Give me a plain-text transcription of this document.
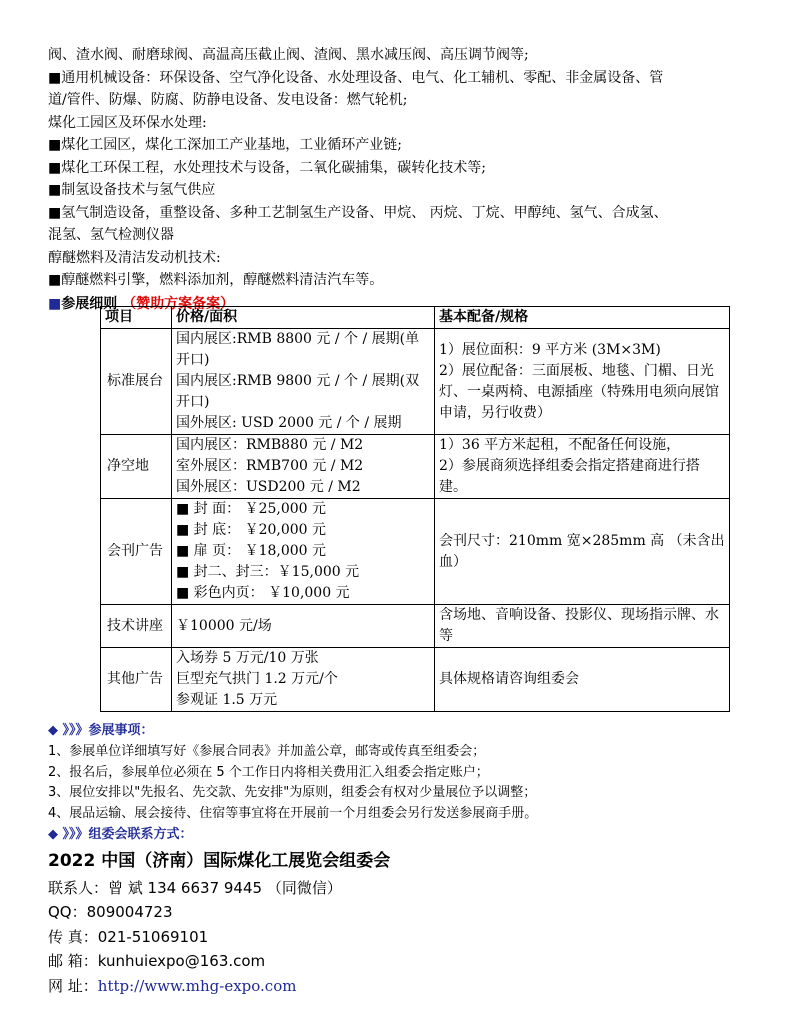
阀、渣水阀、耐磨球阀、高温高压截止阀、渣阀、黑水减压阀、高压调节阀等;
■通用机械设备：环保设备、空气净化设备、水处理设备、电气、化工辅机、零配、非金属设备、管
道/管件、防爆、防腐、防静电设备、发电设备：燃气轮机;
煤化工园区及环保水处理:
■煤化工园区，煤化工深加工产业基地，工业循环产业链;
■煤化工环保工程，水处理技术与设备，二氧化碳捕集，碳转化技术等;
■制氢设备技术与氢气供应
■氢气制造设备，重整设备、多种工艺制氢生产设备、甲烷、 丙烷、丁烷、甲醇纯、氢气、合成氢、
混氢、氢气检测仪器
醇醚燃料及清洁发动机技术:
■醇醚燃料引擎，燃料添加剂，醇醚燃料清洁汽车等。
■参展细则 （赞助方案备案）
项目	价格/面积	基本配备/规格
标准展台	国内展区:RMB 8800 元 / 个 / 展期(单开口)
国内展区:RMB 9800 元 / 个 / 展期(双开口)
国外展区: USD 2000 元 / 个 / 展期	1）展位面积：9 平方米 (3M×3M)
2）展位配备：三面展板、地毯、门楣、日光灯、一桌两椅、电源插座（特殊用电须向展馆申请，另行收费）

净空地	国内展区：RMB880 元 / M2
室外展区：RMB700 元 / M2
国外展区：USD200 元 / M2	1）36 平方米起租，不配备任何设施，
2）参展商须选择组委会指定搭建商进行搭建。

会刊广告	■ 封 面： ￥25,000 元
■ 封 底： ￥20,000 元
■ 扉 页： ￥18,000 元
■ 封二、封三：￥15,000 元
■ 彩色内页： ￥10,000 元	会刊尺寸：210mm 宽×285mm 高 （未含出血）

技术讲座	￥10000 元/场	含场地、音响设备、投影仪、现场指示牌、水等

其他广告	入场券 5 万元/10 万张
巨型充气拱门 1.2 万元/个
参观证 1.5 万元	具体规格请咨询组委会
◆ 》》》参展事项：
1、参展单位详细填写好《参展合同表》并加盖公章，邮寄或传真至组委会；
2、报名后，参展单位必须在 5 个工作日内将相关费用汇入组委会指定账户；
3、展位安排以"先报名、先交款、先安排"为原则，组委会有权对少量展位予以调整；
4、展品运输、展会接待、住宿等事宜将在开展前一个月组委会另行发送参展商手册。
◆ 》》》组委会联系方式：
2022 中国（济南）国际煤化工展览会组委会
联系人：曾 斌 134 6637 9445 （同微信）
QQ：809004723
传 真：021-51069101
邮 箱：kunhuiexpo@163.com
网 址：http://www.mhg-expo.com
